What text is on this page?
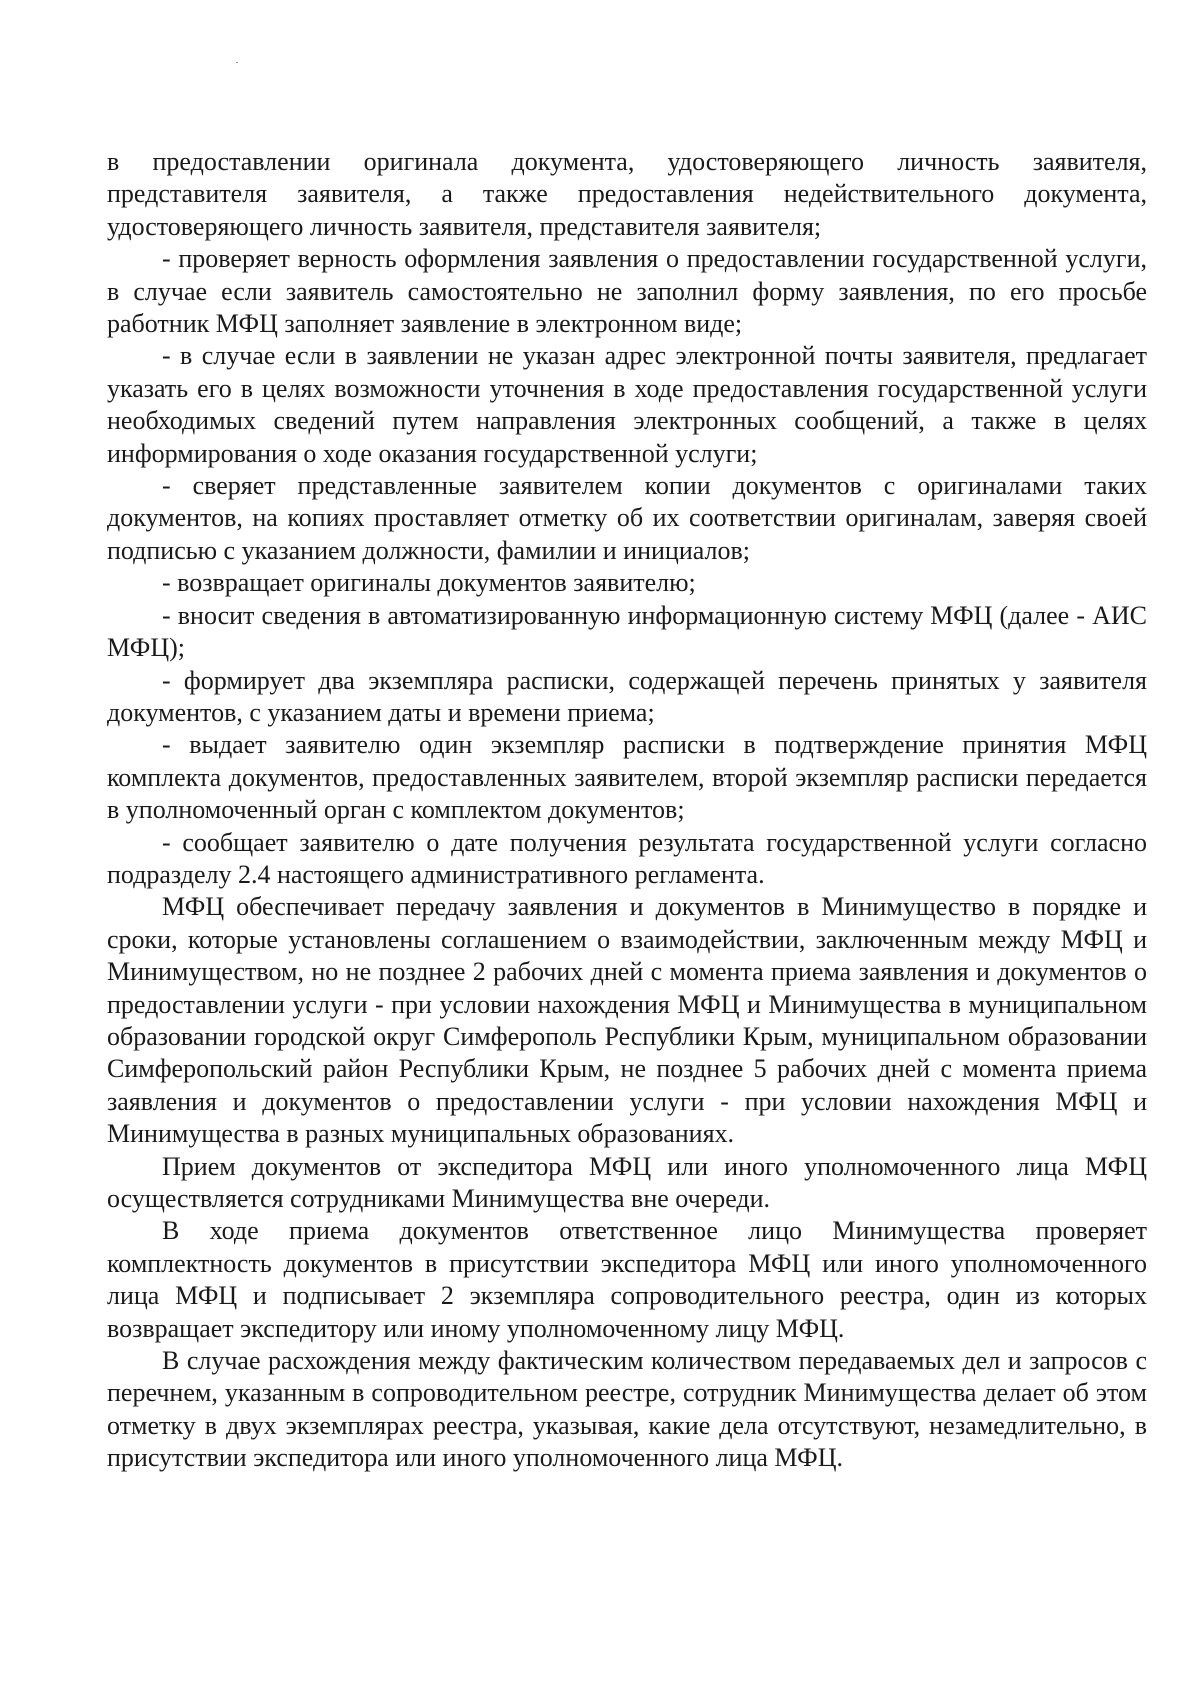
в предоставлении оригинала документа, удостоверяющего личность заявителя, представителя заявителя, а также предоставления недействительного документа, удостоверяющего личность заявителя, представителя заявителя;

- проверяет верность оформления заявления о предоставлении государственной услуги, в случае если заявитель самостоятельно не заполнил форму заявления, по его просьбе работник МФЦ заполняет заявление в электронном виде;

- в случае если в заявлении не указан адрес электронной почты заявителя, предлагает указать его в целях возможности уточнения в ходе предоставления государственной услуги необходимых сведений путем направления электронных сообщений, а также в целях информирования о ходе оказания государственной услуги;

- сверяет представленные заявителем копии документов с оригиналами таких документов, на копиях проставляет отметку об их соответствии оригиналам, заверяя своей подписью с указанием должности, фамилии и инициалов;

- возвращает оригиналы документов заявителю;

- вносит сведения в автоматизированную информационную систему МФЦ (далее - АИС МФЦ);

- формирует два экземпляра расписки, содержащей перечень принятых у заявителя документов, с указанием даты и времени приема;

- выдает заявителю один экземпляр расписки в подтверждение принятия МФЦ комплекта документов, предоставленных заявителем, второй экземпляр расписки передается в уполномоченный орган с комплектом документов;

- сообщает заявителю о дате получения результата государственной услуги согласно подразделу 2.4 настоящего административного регламента.

МФЦ обеспечивает передачу заявления и документов в Минимущество в порядке и сроки, которые установлены соглашением о взаимодействии, заключенным между МФЦ и Минимуществом, но не позднее 2 рабочих дней с момента приема заявления и документов о предоставлении услуги - при условии нахождения МФЦ и Минимущества в муниципальном образовании городской округ Симферополь Республики Крым, муниципальном образовании Симферопольский район Республики Крым, не позднее 5 рабочих дней с момента приема заявления и документов о предоставлении услуги - при условии нахождения МФЦ и Минимущества в разных муниципальных образованиях.

Прием документов от экспедитора МФЦ или иного уполномоченного лица МФЦ осуществляется сотрудниками Минимущества вне очереди.

В ходе приема документов ответственное лицо Минимущества проверяет комплектность документов в присутствии экспедитора МФЦ или иного уполномоченного лица МФЦ и подписывает 2 экземпляра сопроводительного реестра, один из которых возвращает экспедитору или иному уполномоченному лицу МФЦ.

В случае расхождения между фактическим количеством передаваемых дел и запросов с перечнем, указанным в сопроводительном реестре, сотрудник Минимущества делает об этом отметку в двух экземплярах реестра, указывая, какие дела отсутствуют, незамедлительно, в присутствии экспедитора или иного уполномоченного лица МФЦ.
